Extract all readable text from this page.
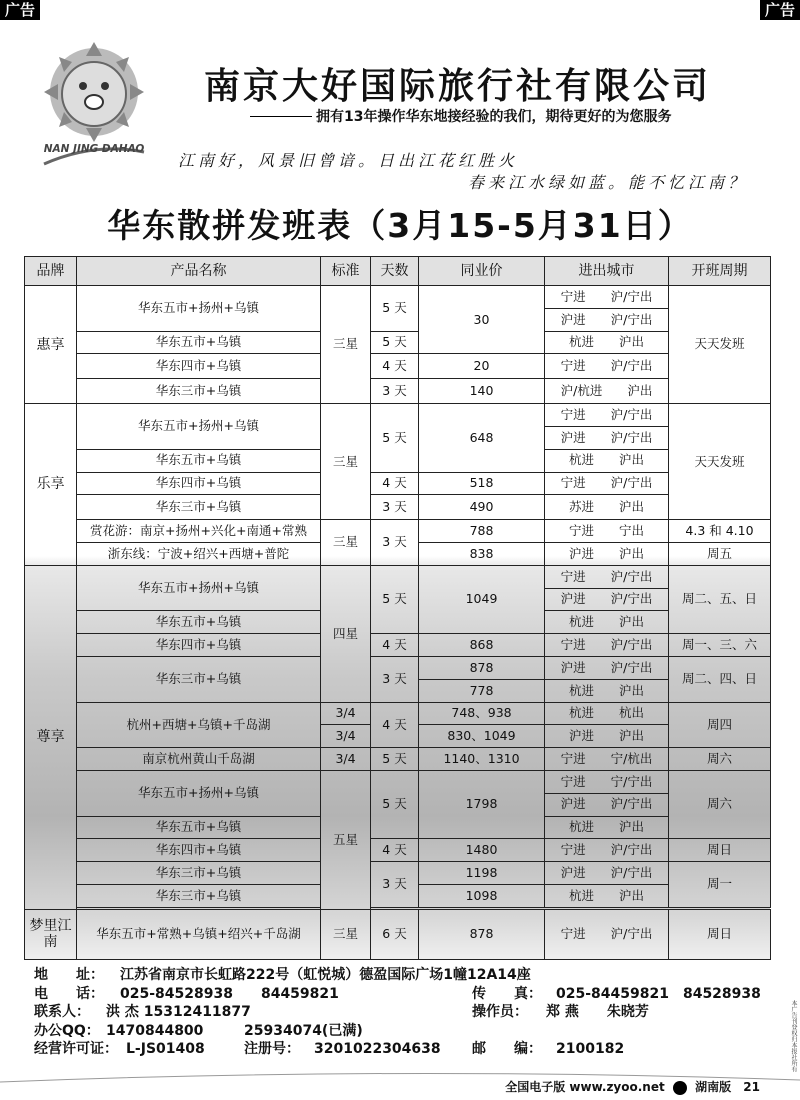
广告	广告
NAN JING DAHAO
南京大好国际旅行社有限公司
拥有13年操作华东地接经验的我们，期待更好的为您服务
江南好，风景旧曾谙。日出江花红胜火
春来江水绿如蓝。能不忆江南？
华东散拼发班表（3月15-5月31日）
品牌	产品名称	标准	天数	同业价	进出城市	开班周期
惠享	华东五市+扬州+乌镇	三星	5 天	30	宁进　　沪/宁出	天天发班
					沪进　　沪/宁出	
	华东五市+乌镇		5 天		杭进　　沪出	
	华东四市+乌镇		4 天	20	宁进　　沪/宁出	

	华东三市+乌镇		3 天	140	沪/杭进　　沪出	
乐享	华东五市+扬州+乌镇	三星	5 天	648	宁进　　沪/宁出	天天发班
					沪进　　沪/宁出	
	华东五市+乌镇				杭进　　沪出	
	华东四市+乌镇		4 天	518	宁进　　沪/宁出	
	华东三市+乌镇		3 天	490	苏进　　沪出	
	赏花游：南京+扬州+兴化+南通+常熟	三星	3 天	788	宁进　　宁出	4.3 和 4.10
	浙东线：宁波+绍兴+西塘+普陀			838	沪进　　沪出	周五
尊享	华东五市+扬州+乌镇	四星	5 天	1049	宁进　　沪/宁出	周二、五、日
					沪进　　沪/宁出	
	华东五市+乌镇				杭进　　沪出	
	华东四市+乌镇		4 天	868	宁进　　沪/宁出	周一、三、六
	华东三市+乌镇		3 天	878	沪进　　沪/宁出	周二、四、日
				778	杭进　　沪出	
	杭州+西塘+乌镇+千岛湖	3/4	4 天	748、938	杭进　　杭出	周四
		3/4		830、1049	沪进　　沪出	
	南京杭州黄山千岛湖	3/4	5 天	1140、1310	宁进　　宁/杭出	周六
	华东五市+扬州+乌镇	五星	5 天	1798	宁进　　宁/宁出	周六
					沪进　　沪/宁出	
	华东五市+乌镇				杭进　　沪出	
	华东四市+乌镇		4 天	1480	宁进　　沪/宁出	周日
	华东三市+乌镇		3 天	1198	沪进　　沪/宁出	周一
	华东三市+乌镇			1098	杭进　　沪出	

梦里江南	华东五市+常熟+乌镇+绍兴+千岛湖	三星	6 天	878	宁进　　沪/宁出	周日
地　　址： 江苏省南京市长虹路222号（虹悦城）德盈国际广场1幢12A14座
电　　话： 025-84528938　　84459821	传　　真： 025-84459821　84528938
联系人： 洪 杰 15312411877	操作员： 郑 燕　　朱晓芳
办公QQ： 1470844800	25934074(已满)
经营许可证： L-JS01408	注册号： 3201022304638 邮　　编： 2100182
全国电子版 www.zyoo.net	湖南版 21
本广告刊登权归本报社所有
